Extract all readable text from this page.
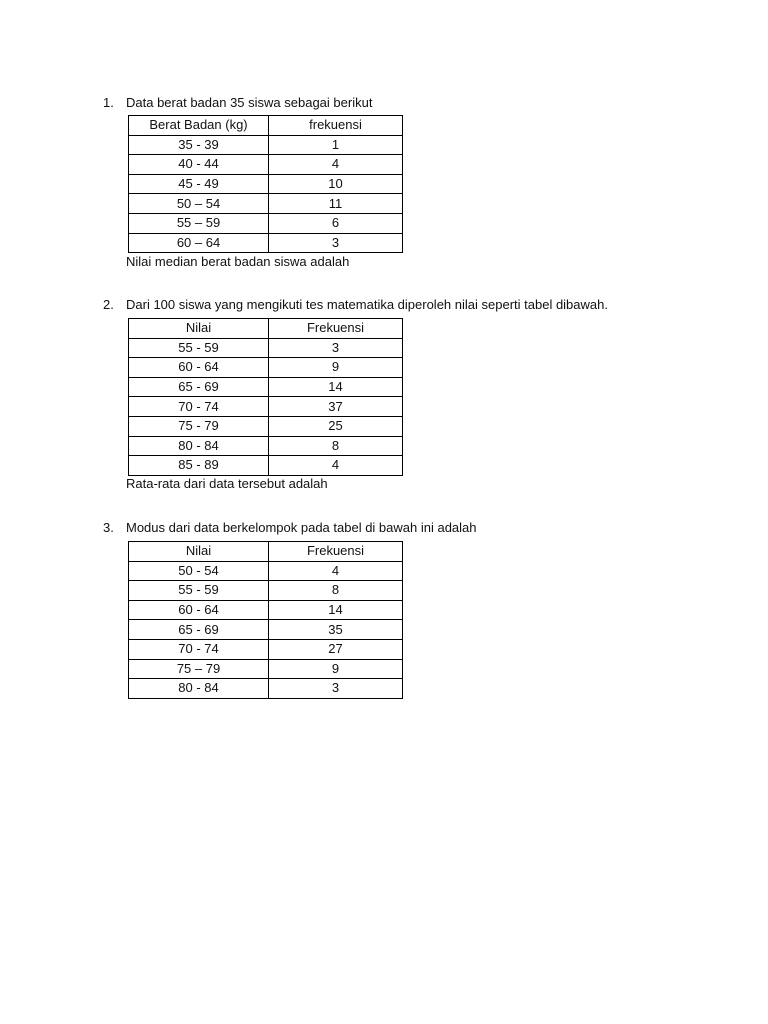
1. Data berat badan 35 siswa sebagai berikut
Berat Badan (kg)	frekuensi
35 - 39	1
40 - 44	4
45 - 49	10
50 – 54	11
55 – 59	6
60 – 64	3
Nilai median berat badan siswa adalah
2. Dari 100 siswa yang mengikuti tes matematika diperoleh nilai seperti tabel dibawah.
Nilai	Frekuensi
55 - 59	3
60 - 64	9
65 - 69	14
70 - 74	37
75 - 79	25
80 - 84	8
85 - 89	4
Rata-rata dari data tersebut adalah
3. Modus dari data berkelompok pada tabel di bawah ini adalah
Nilai	Frekuensi
50 - 54	4
55 - 59	8
60 - 64	14
65 - 69	35
70 - 74	27
75 – 79	9
80 - 84	3
